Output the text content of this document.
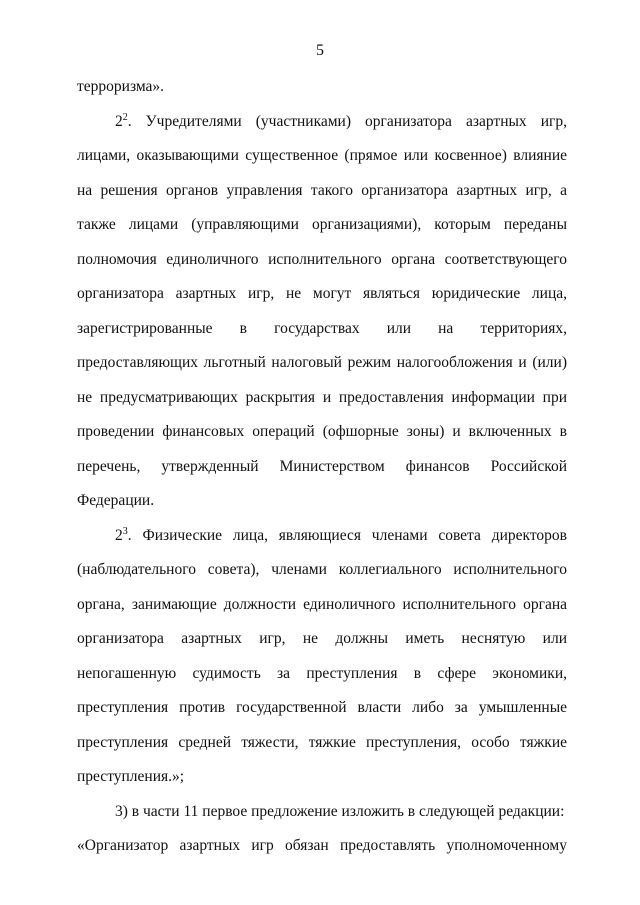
5

терроризма».

$2^2$. Учредителями (участниками) организатора азартных игр, лицами, оказывающими существенное (прямое или косвенное) влияние на решения органов управления такого организатора азартных игр, а также лицами (управляющими организациями), которым переданы полномочия единоличного исполнительного органа соответствующего организатора азартных игр, не могут являться юридические лица, зарегистрированные в государствах или на территориях, предоставляющих льготный налоговый режим налогообложения и (или) не предусматривающих раскрытия и предоставления информации при проведении финансовых операций (офшорные зоны) и включенных в перечень, утвержденный Министерством финансов Российской Федерации.

$2^3$. Физические лица, являющиеся членами совета директоров (наблюдательного совета), членами коллегиального исполнительного органа, занимающие должности единоличного исполнительного органа организатора азартных игр, не должны иметь неснятую или непогашенную судимость за преступления в сфере экономики, преступления против государственной власти либо за умышленные преступления средней тяжести, тяжкие преступления, особо тяжкие преступления.»;

3) в части 11 первое предложение изложить в следующей редакции:

«Организатор азартных игр обязан предоставлять уполномоченному
